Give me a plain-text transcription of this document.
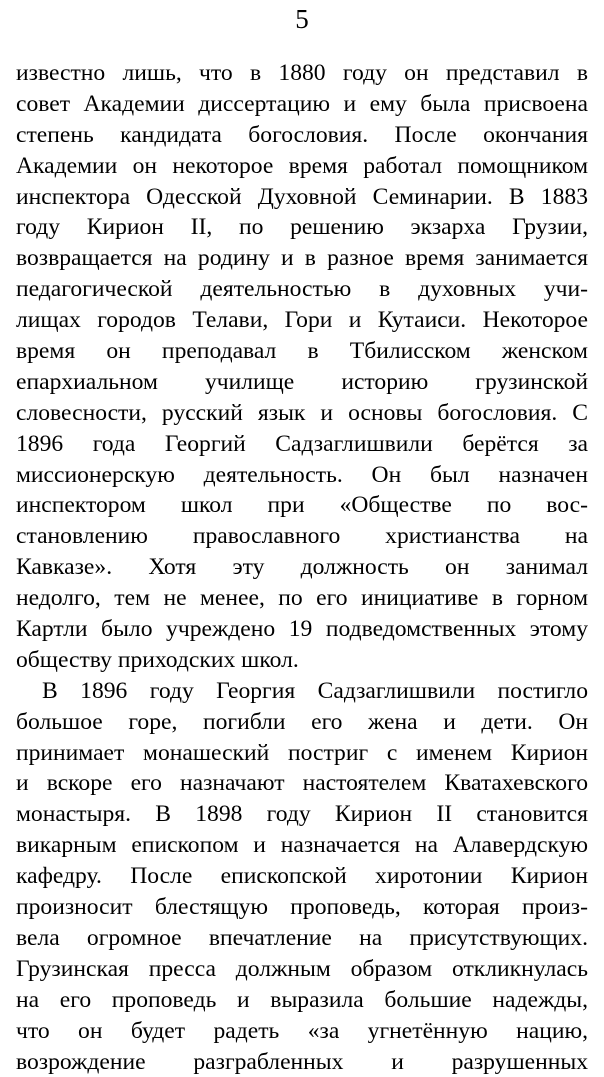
5
известно лишь, что в 1880 году он представил в
совет Академии диссертацию и ему была присвоена
степень кандидата богословия. После окончания
Академии он некоторое время работал помощником
инспектора Одесской Духовной Семинарии. В 1883
году Кирион II, по решению экзарха Грузии,
возвращается на родину и в разное время занимается
педагогической деятельностью в духовных учи-
лищах городов Телави, Гори и Кутаиси. Некоторое
время он преподавал в Тбилисском женском
епархиальном училище историю грузинской
словесности, русский язык и основы богословия. С
1896 года Георгий Садзаглишвили берётся за
миссионерскую деятельность. Он был назначен
инспектором школ при «Обществе по вос-
становлению православного христианства на
Кавказе». Хотя эту должность он занимал
недолго, тем не менее, по его инициативе в горном
Картли было учреждено 19 подведомственных этому
обществу приходских школ.
В 1896 году Георгия Садзаглишвили постигло
большое горе, погибли его жена и дети. Он
принимает монашеский постриг с именем Кирион
и вскоре его назначают настоятелем Кватахевского
монастыря. В 1898 году Кирион II становится
викарным епископом и назначается на Алавердскую
кафедру. После епископской хиротонии Кирион
произносит блестящую проповедь, которая произ-
вела огромное впечатление на присутствующих.
Грузинская пресса должным образом откликнулась
на его проповедь и выразила большие надежды,
что он будет радеть «за угнетённую нацию,
возрождение разграбленных и разрушенных
